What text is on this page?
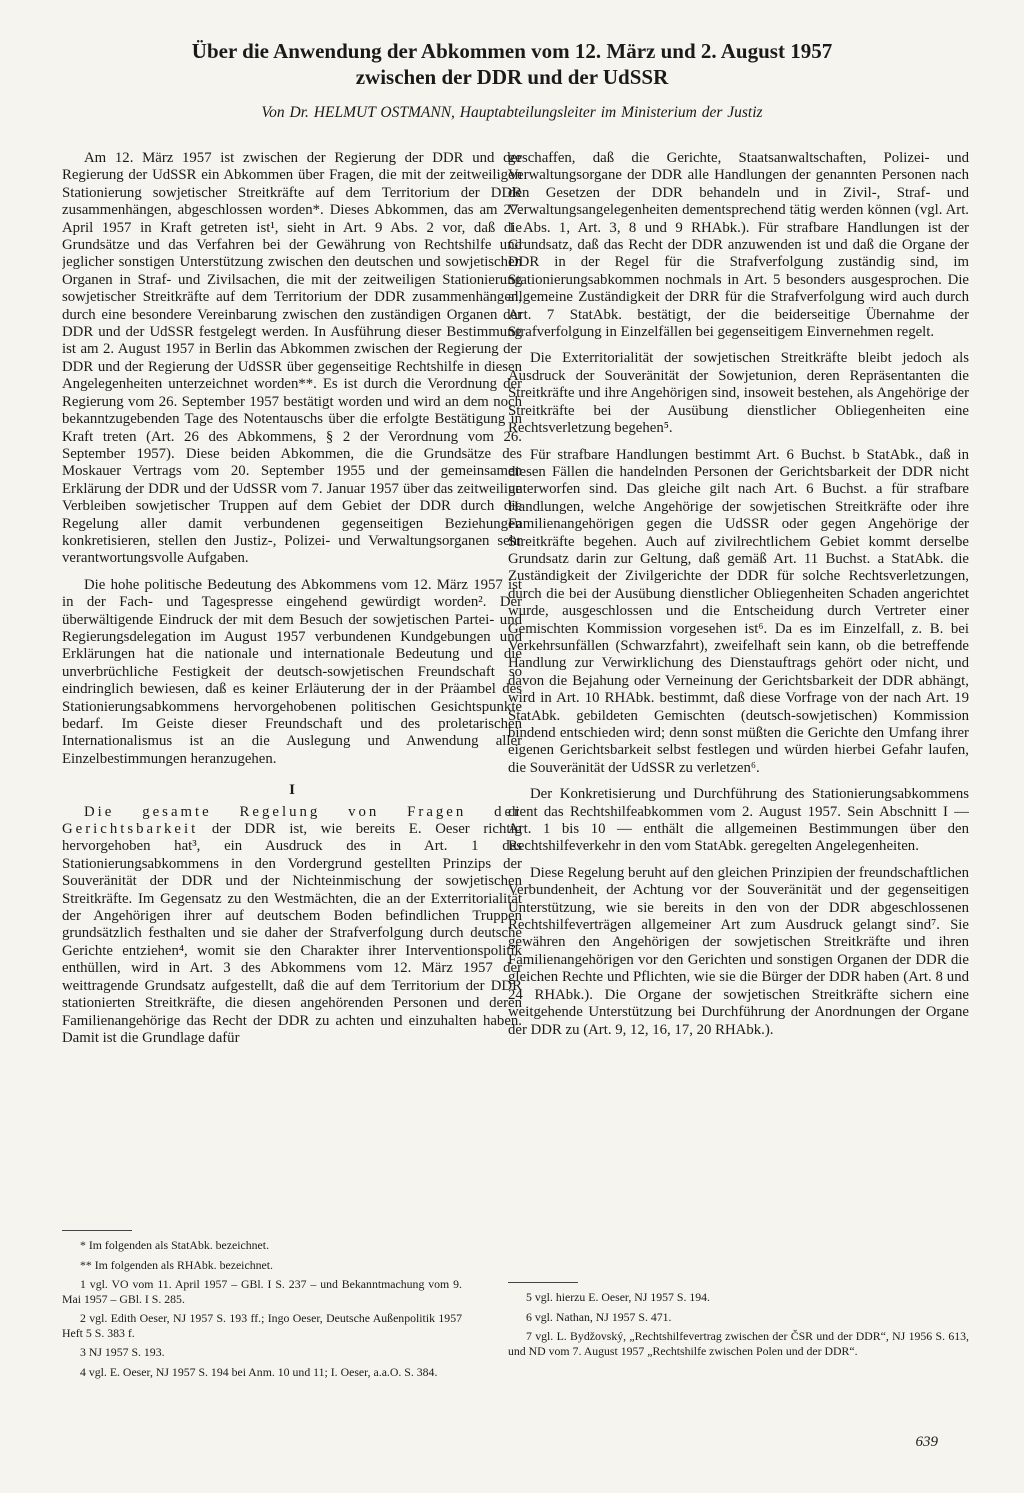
Über die Anwendung der Abkommen vom 12. März und 2. August 1957
zwischen der DDR und der UdSSR
Von Dr. HELMUT OSTMANN, Hauptabteilungsleiter im Ministerium der Justiz

Am 12. März 1957 ist zwischen der Regierung der DDR und der Regierung der UdSSR ein Abkommen über Fragen, die mit der zeitweiligen Stationierung sowjetischer Streitkräfte auf dem Territorium der DDR zusammenhängen, abgeschlossen worden*. Dieses Abkommen, das am 27. April 1957 in Kraft getreten ist¹, sieht in Art. 9 Abs. 2 vor, daß die Grundsätze und das Verfahren bei der Gewährung von Rechtshilfe und jeglicher sonstigen Unterstützung zwischen den deutschen und sowjetischen Organen in Straf- und Zivilsachen, die mit der zeitweiligen Stationierung sowjetischer Streitkräfte auf dem Territorium der DDR zusammenhängen, durch eine besondere Vereinbarung zwischen den zuständigen Organen der DDR und der UdSSR festgelegt werden. In Ausführung dieser Bestimmung ist am 2. August 1957 in Berlin das Abkommen zwischen der Regierung der DDR und der Regierung der UdSSR über gegenseitige Rechtshilfe in diesen Angelegenheiten unterzeichnet worden**. Es ist durch die Verordnung der Regierung vom 26. September 1957 bestätigt worden und wird an dem noch bekanntzugebenden Tage des Notentauschs über die erfolgte Bestätigung in Kraft treten (Art. 26 des Abkommens, § 2 der Verordnung vom 26. September 1957). Diese beiden Abkommen, die die Grundsätze des Moskauer Vertrags vom 20. September 1955 und der gemeinsamen Erklärung der DDR und der UdSSR vom 7. Januar 1957 über das zeitweilige Verbleiben sowjetischer Truppen auf dem Gebiet der DDR durch die Regelung aller damit verbundenen gegenseitigen Beziehungen konkretisieren, stellen den Justiz-, Polizei- und Verwaltungsorganen sehr verantwortungsvolle Aufgaben.

Die hohe politische Bedeutung des Abkommens vom 12. März 1957 ist in der Fach- und Tagespresse eingehend gewürdigt worden². Der überwältigende Eindruck der mit dem Besuch der sowjetischen Partei- und Regierungsdelegation im August 1957 verbundenen Kundgebungen und Erklärungen hat die nationale und internationale Bedeutung und die unverbrüchliche Festigkeit der deutsch-sowjetischen Freundschaft so eindringlich bewiesen, daß es keiner Erläuterung der in der Präambel des Stationierungsabkommens hervorgehobenen politischen Gesichtspunkte bedarf. Im Geiste dieser Freundschaft und des proletarischen Internationalismus ist an die Auslegung und Anwendung aller Einzelbestimmungen heranzugehen.

I

Die gesamte Regelung von Fragen der Gerichtsbarkeit der DDR ist, wie bereits E. Oeser richtig hervorgehoben hat³, ein Ausdruck des in Art. 1 des Stationierungsabkommens in den Vordergrund gestellten Prinzips der Souveränität der DDR und der Nichteinmischung der sowjetischen Streitkräfte. Im Gegensatz zu den Westmächten, die an der Exterritorialität der Angehörigen ihrer auf deutschem Boden befindlichen Truppen grundsätzlich festhalten und sie daher der Strafverfolgung durch deutsche Gerichte entziehen⁴, womit sie den Charakter ihrer Interventionspolitik enthüllen, wird in Art. 3 des Abkommens vom 12. März 1957 der weittragende Grundsatz aufgestellt, daß die auf dem Territorium der DDR stationierten Streitkräfte, die diesen angehörenden Personen und deren Familienangehörige das Recht der DDR zu achten und einzuhalten haben. Damit ist die Grundlage dafür

geschaffen, daß die Gerichte, Staatsanwaltschaften, Polizei- und Verwaltungsorgane der DDR alle Handlungen der genannten Personen nach den Gesetzen der DDR behandeln und in Zivil-, Straf- und Verwaltungsangelegenheiten dementsprechend tätig werden können (vgl. Art. 1 Abs. 1, Art. 3, 8 und 9 RHAbk.). Für strafbare Handlungen ist der Grundsatz, daß das Recht der DDR anzuwenden ist und daß die Organe der DDR in der Regel für die Strafverfolgung zuständig sind, im Stationierungsabkommen nochmals in Art. 5 besonders ausgesprochen. Die allgemeine Zuständigkeit der DRR für die Strafverfolgung wird auch durch Art. 7 StatAbk. bestätigt, der die beiderseitige Übernahme der Strafverfolgung in Einzelfällen bei gegenseitigem Einvernehmen regelt.

Die Exterritorialität der sowjetischen Streitkräfte bleibt jedoch als Ausdruck der Souveränität der Sowjetunion, deren Repräsentanten die Streitkräfte und ihre Angehörigen sind, insoweit bestehen, als Angehörige der Streitkräfte bei der Ausübung dienstlicher Obliegenheiten eine Rechtsverletzung begehen⁵.

Für strafbare Handlungen bestimmt Art. 6 Buchst. b StatAbk., daß in diesen Fällen die handelnden Personen der Gerichtsbarkeit der DDR nicht unterworfen sind. Das gleiche gilt nach Art. 6 Buchst. a für strafbare Handlungen, welche Angehörige der sowjetischen Streitkräfte oder ihre Familienangehörigen gegen die UdSSR oder gegen Angehörige der Streitkräfte begehen. Auch auf zivilrechtlichem Gebiet kommt derselbe Grundsatz darin zur Geltung, daß gemäß Art. 11 Buchst. a StatAbk. die Zuständigkeit der Zivilgerichte der DDR für solche Rechtsverletzungen, durch die bei der Ausübung dienstlicher Obliegenheiten Schaden angerichtet wurde, ausgeschlossen und die Entscheidung durch Vertreter einer Gemischten Kommission vorgesehen ist⁶. Da es im Einzelfall, z. B. bei Verkehrsunfällen (Schwarzfahrt), zweifelhaft sein kann, ob die betreffende Handlung zur Verwirklichung des Dienstauftrags gehört oder nicht, und davon die Bejahung oder Verneinung der Gerichtsbarkeit der DDR abhängt, wird in Art. 10 RHAbk. bestimmt, daß diese Vorfrage von der nach Art. 19 StatAbk. gebildeten Gemischten (deutsch-sowjetischen) Kommission bindend entschieden wird; denn sonst müßten die Gerichte den Umfang ihrer eigenen Gerichtsbarkeit selbst festlegen und würden hierbei Gefahr laufen, die Souveränität der UdSSR zu verletzen⁶.

Der Konkretisierung und Durchführung des Stationierungsabkommens dient das Rechtshilfeabkommen vom 2. August 1957. Sein Abschnitt I — Art. 1 bis 10 — enthält die allgemeinen Bestimmungen über den Rechtshilfeverkehr in den vom StatAbk. geregelten Angelegenheiten.

Diese Regelung beruht auf den gleichen Prinzipien der freundschaftlichen Verbundenheit, der Achtung vor der Souveränität und der gegenseitigen Unterstützung, wie sie bereits in den von der DDR abgeschlossenen Rechtshilfeverträgen allgemeiner Art zum Ausdruck gelangt sind⁷. Sie gewähren den Angehörigen der sowjetischen Streitkräfte und ihren Familienangehörigen vor den Gerichten und sonstigen Organen der DDR die gleichen Rechte und Pflichten, wie sie die Bürger der DDR haben (Art. 8 und 24 RHAbk.). Die Organe der sowjetischen Streitkräfte sichern eine weitgehende Unterstützung bei Durchführung der Anordnungen der Organe der DDR zu (Art. 9, 12, 16, 17, 20 RHAbk.).

* Im folgenden als StatAbk. bezeichnet.

** Im folgenden als RHAbk. bezeichnet.

1 vgl. VO vom 11. April 1957 – GBl. I S. 237 – und Bekanntmachung vom 9. Mai 1957 – GBl. I S. 285.

2 vgl. Edith Oeser, NJ 1957 S. 193 ff.; Ingo Oeser, Deutsche Außenpolitik 1957 Heft 5 S. 383 f.

3 NJ 1957 S. 193.

4 vgl. E. Oeser, NJ 1957 S. 194 bei Anm. 10 und 11; I. Oeser, a.a.O. S. 384.

5 vgl. hierzu E. Oeser, NJ 1957 S. 194.

6 vgl. Nathan, NJ 1957 S. 471.

7 vgl. L. Bydžovský, „Rechtshilfevertrag zwischen der ČSR und der DDR“, NJ 1956 S. 613, und ND vom 7. August 1957 „Rechtshilfe zwischen Polen und der DDR“.

639
